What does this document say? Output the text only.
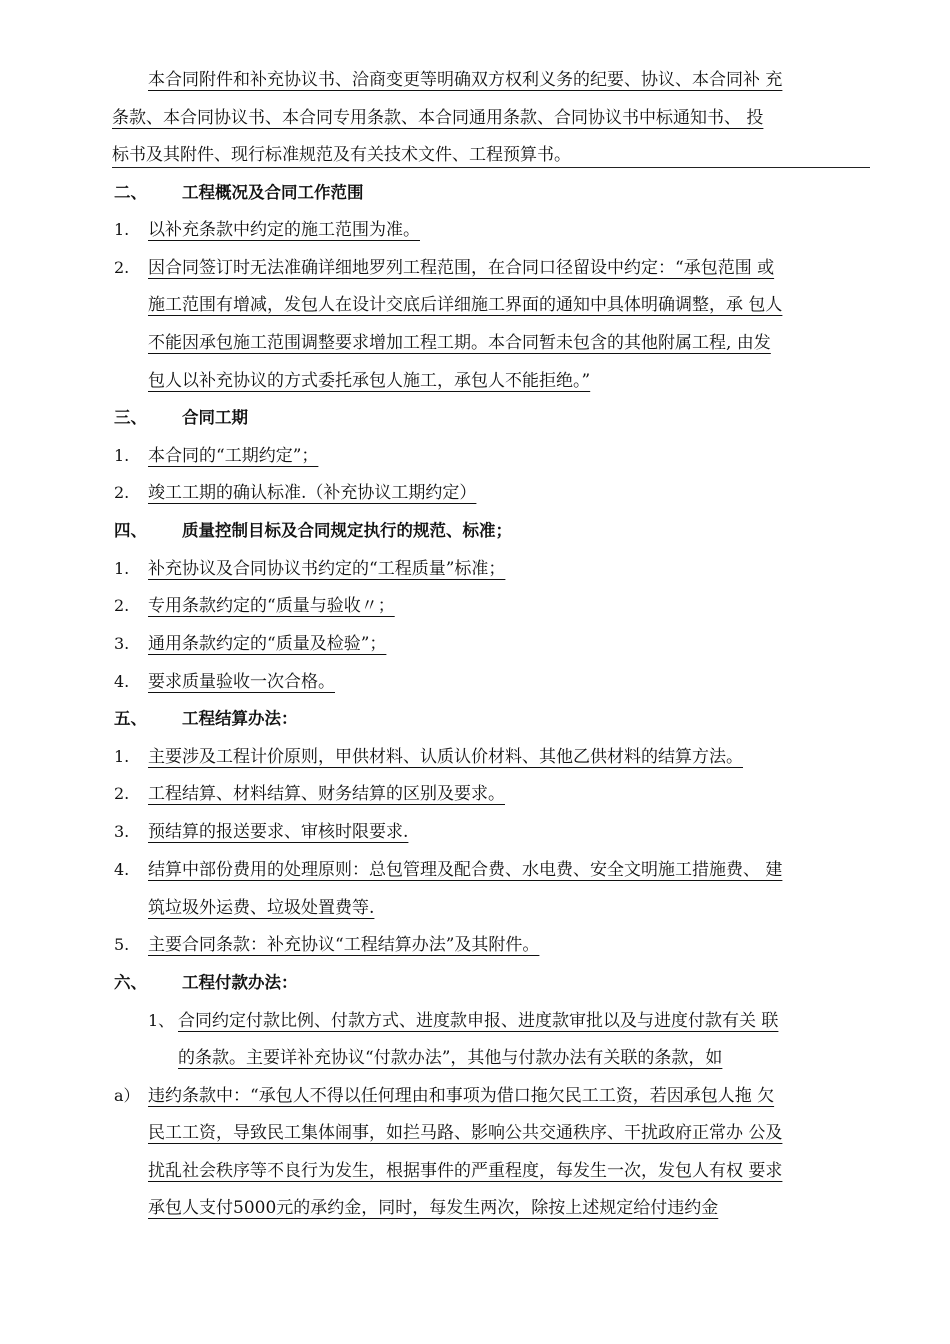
本合同附件和补充协议书、洽商变更等明确双方权利义务的纪要、协议、本合同补 充
条款、本合同协议书、本合同专用条款、本合同通用条款、合同协议书中标通知书、 投
标书及其附件、现行标准规范及有关技术文件、工程预算书。
二、 工程概况及合同工作范围
1. 以补充条款中约定的施工范围为准。
2. 因合同签订时无法准确详细地罗列工程范围，在合同口径留设中约定：“承包范围 或
施工范围有增减，发包人在设计交底后详细施工界面的通知中具体明确调整，承 包人
不能因承包施工范围调整要求增加工程工期。本合同暂未包含的其他附属工程, 由发
包人以补充协议的方式委托承包人施工，承包人不能拒绝。”
三、 合同工期
1. 本合同的“工期约定”；
2. 竣工工期的确认标准.（补充协议工期约定）
四、 质量控制目标及合同规定执行的规范、标准；
1. 补充协议及合同协议书约定的“工程质量”标准；
2. 专用条款约定的“质量与验收〃；
3. 通用条款约定的“质量及检验”；
4. 要求质量验收一次合格。
五、 工程结算办法：
1. 主要涉及工程计价原则，甲供材料、认质认价材料、其他乙供材料的结算方法。
2. 工程结算、材料结算、财务结算的区别及要求。
3. 预结算的报送要求、审核时限要求.
4. 结算中部份费用的处理原则：总包管理及配合费、水电费、安全文明施工措施费、 建
筑垃圾外运费、垃圾处置费等.
5. 主要合同条款：补充协议“工程结算办法”及其附件。
六、 工程付款办法：
1、 合同约定付款比例、付款方式、进度款申报、进度款审批以及与进度付款有关 联
的条款。主要详补充协议“付款办法”，其他与付款办法有关联的条款，如
a） 违约条款中：“承包人不得以任何理由和事项为借口拖欠民工工资，若因承包人拖 欠
民工工资，导致民工集体闹事，如拦马路、影响公共交通秩序、干扰政府正常办 公及
扰乱社会秩序等不良行为发生，根据事件的严重程度，每发生一次，发包人有权 要求
承包人支付5000元的承约金，同时，每发生两次，除按上述规定给付违约金
